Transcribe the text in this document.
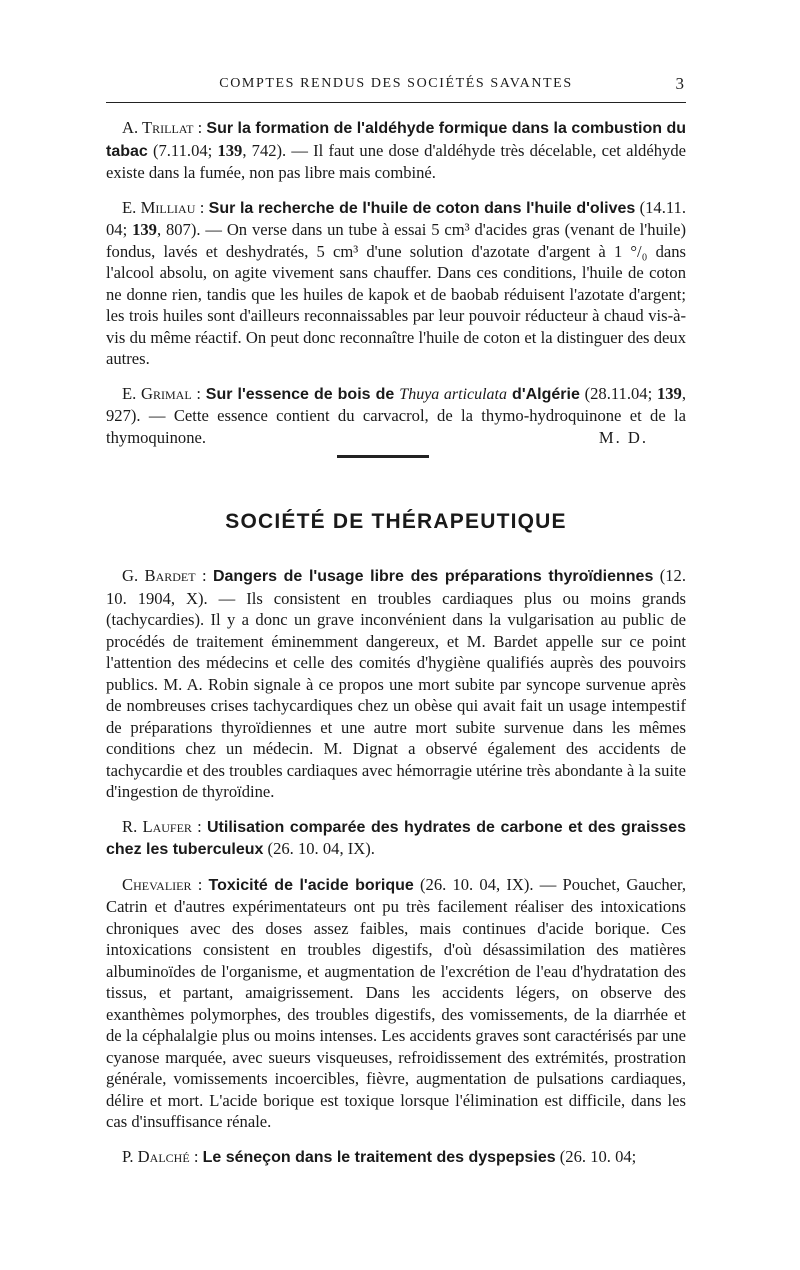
COMPTES RENDUS DES SOCIÉTÉS SAVANTES	3

A. Trillat : Sur la formation de l'aldéhyde formique dans la combustion du tabac (7.11.04; 139, 742). — Il faut une dose d'aldéhyde très décelable, cet aldéhyde existe dans la fumée, non pas libre mais combiné.

E. Milliau : Sur la recherche de l'huile de coton dans l'huile d'olives (14.11. 04; 139, 807). — On verse dans un tube à essai 5 cm³ d'acides gras (venant de l'huile) fondus, lavés et deshydratés, 5 cm³ d'une solution d'azotate d'argent à 1 °/₀ dans l'alcool absolu, on agite vivement sans chauffer. Dans ces conditions, l'huile de coton ne donne rien, tandis que les huiles de kapok et de baobab réduisent l'azotate d'argent; les trois huiles sont d'ailleurs reconnaissables par leur pouvoir réducteur à chaud vis-à-vis du même réactif. On peut donc reconnaître l'huile de coton et la distinguer des deux autres.

E. Grimal : Sur l'essence de bois de Thuya articulata d'Algérie (28.11.04; 139, 927). — Cette essence contient du carvacrol, de la thymo-hydroquinone et de la thymoquinone.	M. D.

SOCIÉTÉ DE THÉRAPEUTIQUE

G. Bardet : Dangers de l'usage libre des préparations thyroïdiennes (12. 10. 1904, X). — Ils consistent en troubles cardiaques plus ou moins grands (tachycardies). Il y a donc un grave inconvénient dans la vulgarisation au public de procédés de traitement éminemment dangereux, et M. Bardet appelle sur ce point l'attention des médecins et celle des comités d'hygiène qualifiés auprès des pouvoirs publics. M. A. Robin signale à ce propos une mort subite par syncope survenue après de nombreuses crises tachycardiques chez un obèse qui avait fait un usage intempestif de préparations thyroïdiennes et une autre mort subite survenue dans les mêmes conditions chez un médecin. M. Dignat a observé également des accidents de tachycardie et des troubles cardiaques avec hémorragie utérine très abondante à la suite d'ingestion de thyroïdine.

R. Laufer : Utilisation comparée des hydrates de carbone et des graisses chez les tuberculeux (26. 10. 04, IX).

Chevalier : Toxicité de l'acide borique (26. 10. 04, IX). — Pouchet, Gaucher, Catrin et d'autres expérimentateurs ont pu très facilement réaliser des intoxications chroniques avec des doses assez faibles, mais continues d'acide borique. Ces intoxications consistent en troubles digestifs, d'où désassimilation des matières albuminoïdes de l'organisme, et augmentation de l'excrétion de l'eau d'hydratation des tissus, et partant, amaigrissement. Dans les accidents légers, on observe des exanthèmes polymorphes, des troubles digestifs, des vomissements, de la diarrhée et de la céphalalgie plus ou moins intenses. Les accidents graves sont caractérisés par une cyanose marquée, avec sueurs visqueuses, refroidissement des extrémités, prostration générale, vomissements incoercibles, fièvre, augmentation de pulsations cardiaques, délire et mort. L'acide borique est toxique lorsque l'élimination est difficile, dans les cas d'insuffisance rénale.

P. Dalché : Le séneçon dans le traitement des dyspepsies (26. 10. 04;
